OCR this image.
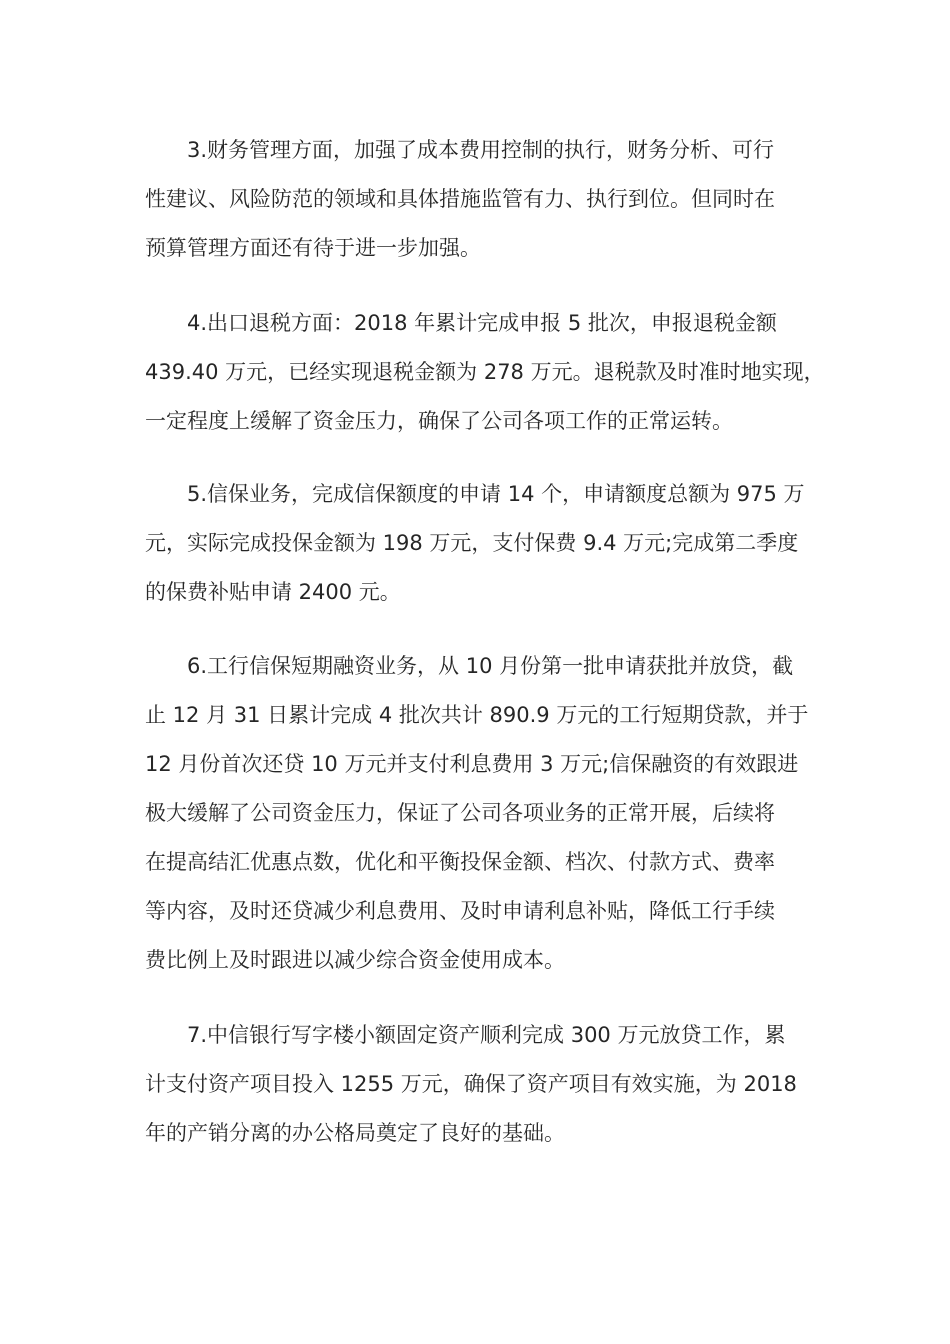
3.财务管理方面，加强了成本费用控制的执行，财务分析、可行
性建议、风险防范的领域和具体措施监管有力、执行到位。但同时在
预算管理方面还有待于进一步加强。
4.出口退税方面：2018 年累计完成申报 5 批次，申报退税金额
439.40 万元，已经实现退税金额为 278 万元。退税款及时准时地实现，
一定程度上缓解了资金压力，确保了公司各项工作的正常运转。
5.信保业务，完成信保额度的申请 14 个，申请额度总额为 975 万
元，实际完成投保金额为 198 万元，支付保费 9.4 万元;完成第二季度
的保费补贴申请 2400 元。
6.工行信保短期融资业务，从 10 月份第一批申请获批并放贷，截
止 12 月 31 日累计完成 4 批次共计 890.9 万元的工行短期贷款，并于
12 月份首次还贷 10 万元并支付利息费用 3 万元;信保融资的有效跟进
极大缓解了公司资金压力，保证了公司各项业务的正常开展，后续将
在提高结汇优惠点数，优化和平衡投保金额、档次、付款方式、费率
等内容，及时还贷减少利息费用、及时申请利息补贴，降低工行手续
费比例上及时跟进以减少综合资金使用成本。
7.中信银行写字楼小额固定资产顺利完成 300 万元放贷工作，累
计支付资产项目投入 1255 万元，确保了资产项目有效实施，为 2018
年的产销分离的办公格局奠定了良好的基础。
